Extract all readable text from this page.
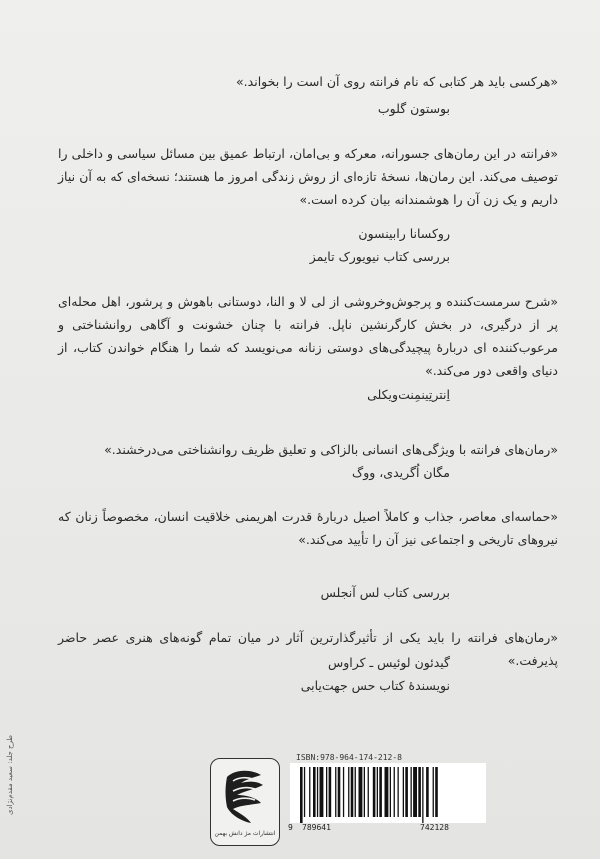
«هرکسی باید هر کتابی که نام فرانته روی آن است را بخواند.»
بوستون گلوب
«فرانته در این رمان‌های جسورانه، معرکه و بی‌امان، ارتباط عمیق بین مسائل سیاسی و داخلی را توصیف می‌کند. این رمان‌ها، نسخهٔ تازه‌ای از روش زندگی امروز ما هستند؛ نسخه‌ای که به آن نیاز داریم و یک زن آن را هوشمندانه بیان کرده است.»
روکسانا رابینسون
بررسی کتاب نیویورک تایمز
«شرح سرمست‌کننده و پرجوش‌وخروشی از لی لا و النا، دوستانی باهوش و پرشور، اهل محله‌ای پر از درگیری، در بخش کارگرنشین ناپل. فرانته با چنان خشونت و آگاهی روانشناختی و مرعوب‌کننده ای دربارهٔ پیچیدگی‌های دوستی زنانه می‌نویسد که شما را هنگام خواندن کتاب، از دنیای واقعی دور می‌کند.»
اِنترتِینمِنت‌ویکلی
«رمان‌های فرانته با ویژگی‌های انسانی بالزاکی و تعلیق ظریف روانشناختی می‌درخشند.»
مگان اُگریدی، ووگ
«حماسه‌ای معاصر، جذاب و کاملاً اصیل دربارهٔ قدرت اهریمنی خلاقیت انسان، مخصوصاً زنان که نیروهای تاریخی و اجتماعی نیز آن را تأیید می‌کند.»
بررسی کتاب لس آنجلس
«رمان‌های فرانته را باید یکی از تأثیرگذارترین آثار در میان تمام گونه‌های هنری عصر حاضر پذیرفت.»
گیدئون لوئیس ـ کراوس
نویسندهٔ کتاب حس جهت‌یابی
طرح جلد: سعید مقدم‌نژادی
انتشارات مژ دانش بهمن
ISBN:978-964-174-212-8
9 789641	742128
